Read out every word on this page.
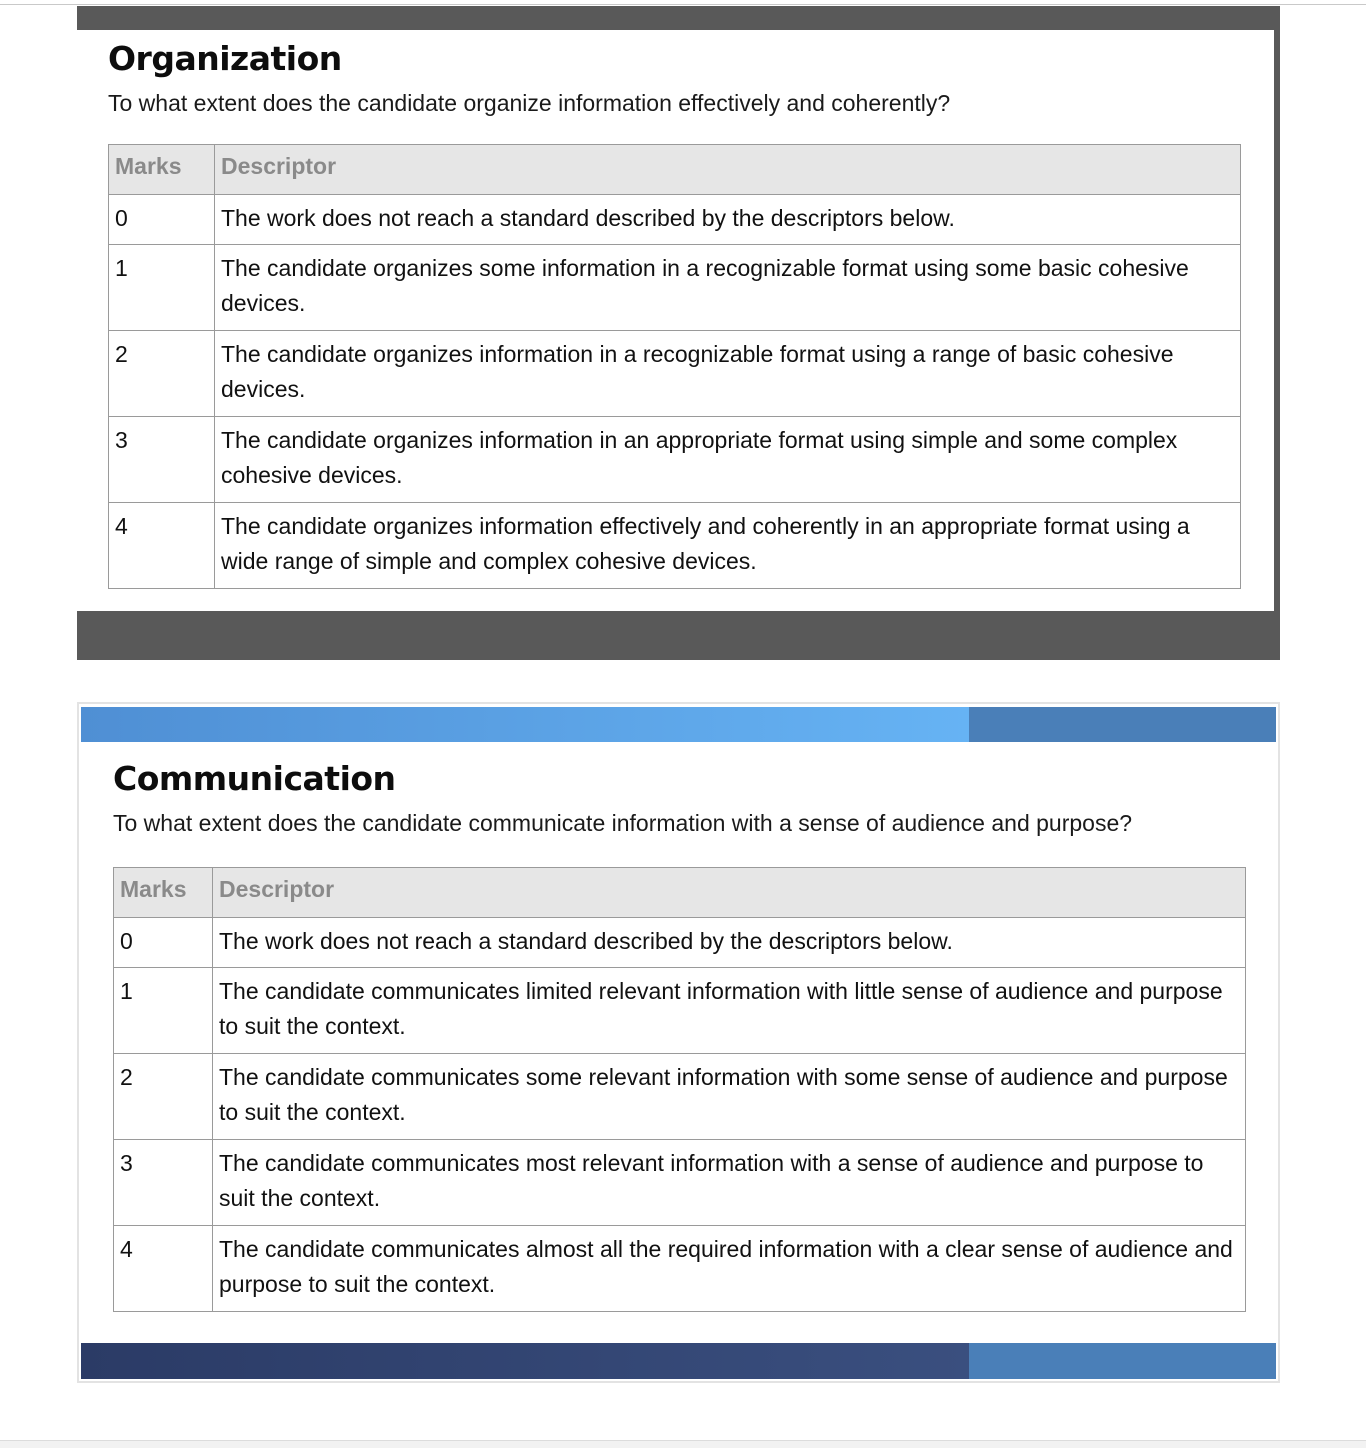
Organization

To what extent does the candidate organize information effectively and coherently?

Marks	Descriptor
0	The work does not reach a standard described by the descriptors below.
1	The candidate organizes some information in a recognizable format using some basic cohesive devices.
2	The candidate organizes information in a recognizable format using a range of basic cohesive devices.
3	The candidate organizes information in an appropriate format using simple and some complex cohesive devices.
4	The candidate organizes information effectively and coherently in an appropriate format using a wide range of simple and complex cohesive devices.
Communication

To what extent does the candidate communicate information with a sense of audience and purpose?

Marks	Descriptor
0	The work does not reach a standard described by the descriptors below.
1	The candidate communicates limited relevant information with little sense of audience and purpose to suit the context.
2	The candidate communicates some relevant information with some sense of audience and purpose to suit the context.
3	The candidate communicates most relevant information with a sense of audience and purpose to suit the context.
4	The candidate communicates almost all the required information with a clear sense of audience and purpose to suit the context.
